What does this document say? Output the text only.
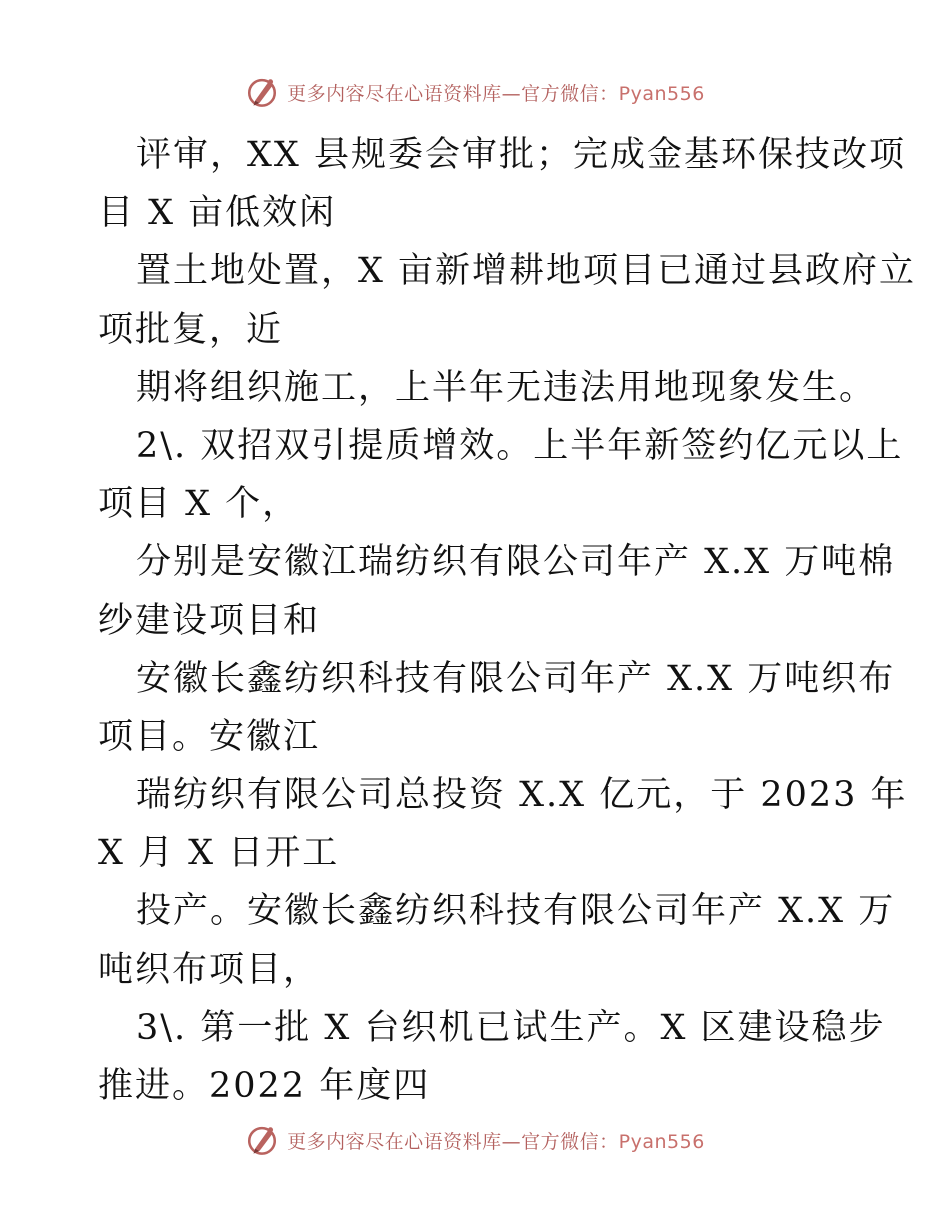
更多内容尽在心语资料库—官方微信：Pyan556
评审，XX 县规委会审批；完成金基环保技改项
目 X 亩低效闲
置土地处置，X 亩新增耕地项目已通过县政府立
项批复，近
期将组织施工，上半年无违法用地现象发生。
2\. 双招双引提质增效。上半年新签约亿元以上
项目 X 个，
分别是安徽江瑞纺织有限公司年产 X.X 万吨棉
纱建设项目和
安徽长鑫纺织科技有限公司年产 X.X 万吨织布
项目。安徽江
瑞纺织有限公司总投资 X.X 亿元，于 2023 年
X 月 X 日开工
投产。安徽长鑫纺织科技有限公司年产 X.X 万
吨织布项目，
3\. 第一批 X 台织机已试生产。X 区建设稳步
推进。2022 年度四
更多内容尽在心语资料库—官方微信：Pyan556
